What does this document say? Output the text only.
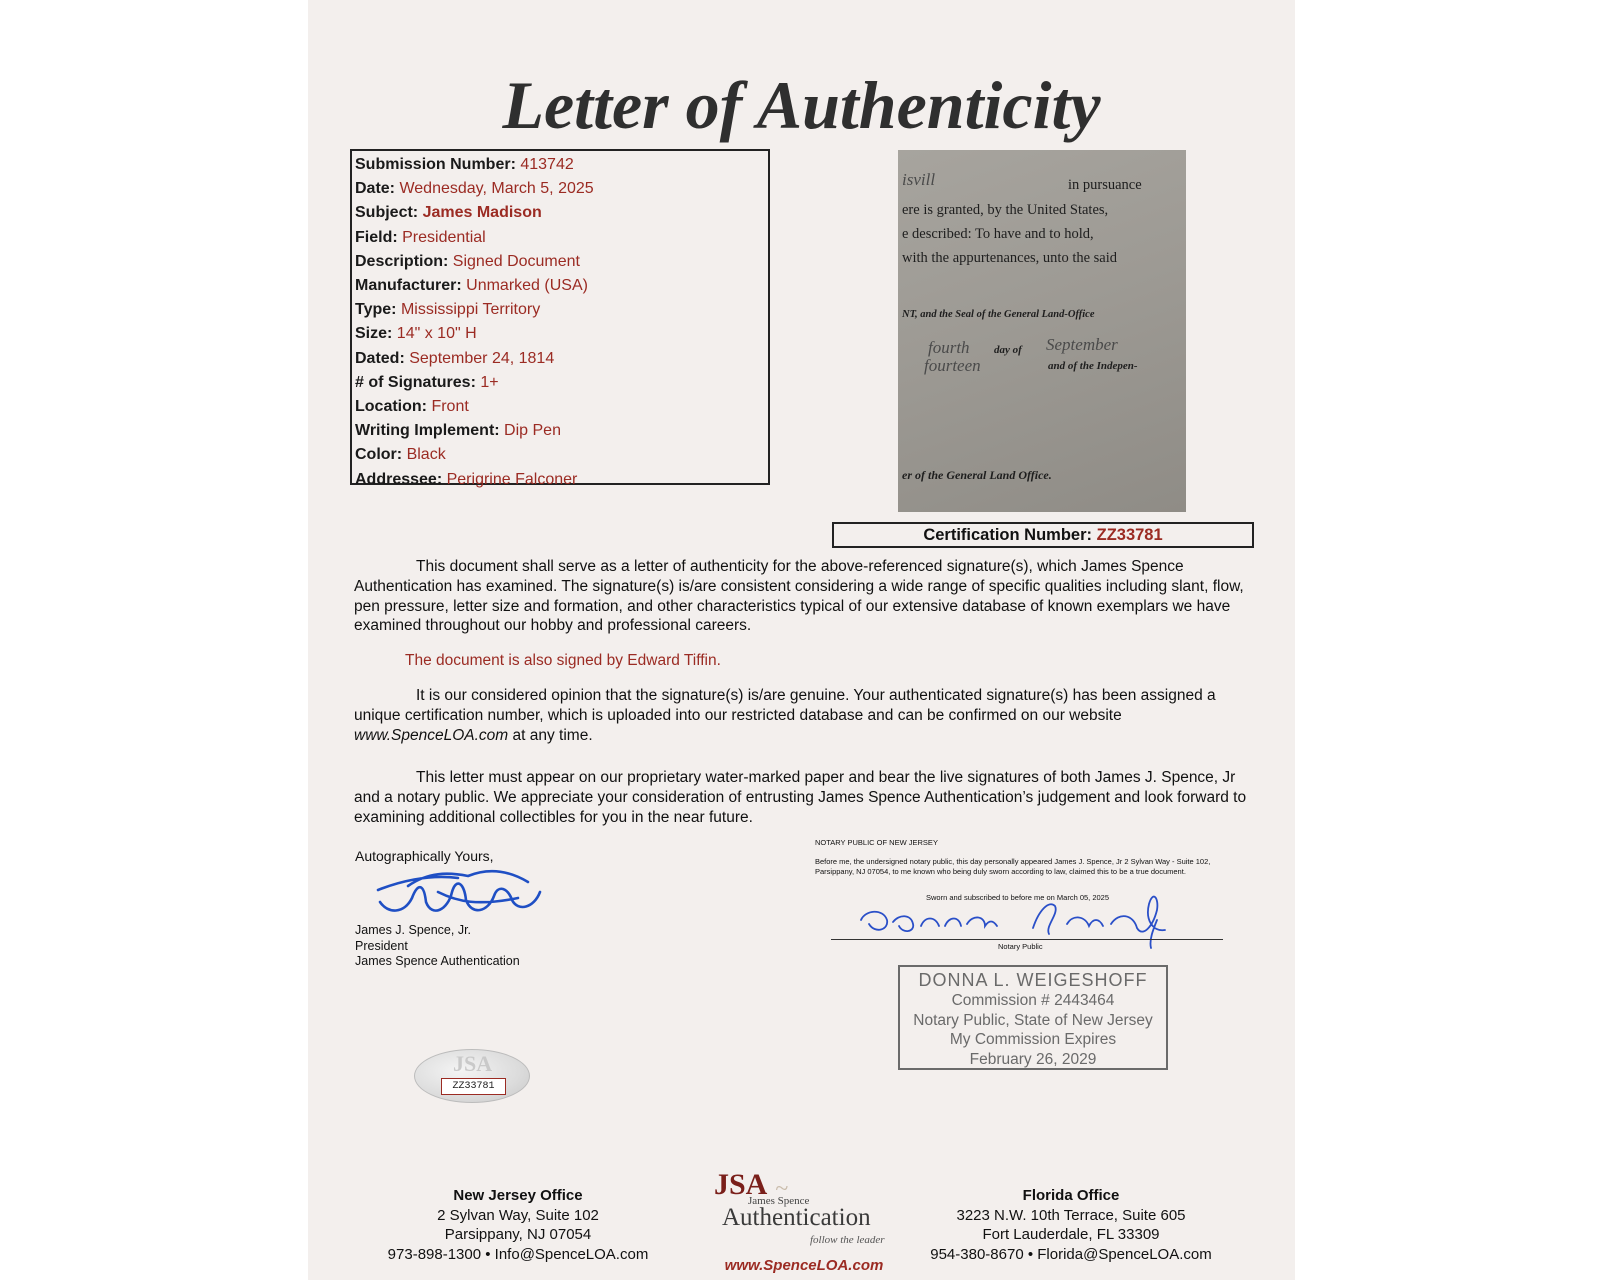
Letter of Authenticity
Submission Number: 413742
Date: Wednesday, March 5, 2025
Subject: James Madison
Field: Presidential
Description: Signed Document
Manufacturer: Unmarked (USA)
Type: Mississippi Territory
Size: 14" x 10" H
Dated: September 24, 1814
# of Signatures: 1+
Location: Front
Writing Implement: Dip Pen
Color: Black
Addressee: Perigrine Falconer
isvill	in pursuance
ere is granted, by the United States,
e described: To have and to hold,
with the appurtenances, unto the said
NT, and the Seal of the General Land-Office
fourth day of September
fourteen	and of the Indepen-
er of the General Land Office.
Certification Number: ZZ33781
This document shall serve as a letter of authenticity for the above-referenced signature(s), which James Spence Authentication has examined. The signature(s) is/are consistent considering a wide range of specific qualities including slant, flow, pen pressure, letter size and formation, and other characteristics typical of our extensive database of known exemplars we have examined throughout our hobby and professional careers.
The document is also signed by Edward Tiffin.
It is our considered opinion that the signature(s) is/are genuine. Your authenticated signature(s) has been assigned a unique certification number, which is uploaded into our restricted database and can be confirmed on our website www.SpenceLOA.com at any time.
This letter must appear on our proprietary water-marked paper and bear the live signatures of both James J. Spence, Jr and a notary public. We appreciate your consideration of entrusting James Spence Authentication’s judgement and look forward to examining additional collectibles for you in the near future.
Autographically Yours,
James J. Spence, Jr.
President
James Spence Authentication
NOTARY PUBLIC OF NEW JERSEY
Before me, the undersigned notary public, this day personally appeared James J. Spence, Jr 2 Sylvan Way - Suite 102, Parsippany, NJ 07054, to me known who being duly sworn according to law, claimed this to be a true document.
Sworn and subscribed to before me on March 05, 2025
Notary Public
DONNA L. WEIGESHOFF
Commission # 2443464
Notary Public, State of New Jersey
My Commission Expires
February 26, 2029
JSA
ZZ33781
New Jersey Office
2 Sylvan Way, Suite 102
Parsippany, NJ 07054
973-898-1300 • Info@SpenceLOA.com
~
JSA
James Spence
Authentication
follow the leader
www.SpenceLOA.com
Florida Office
3223 N.W. 10th Terrace, Suite 605
Fort Lauderdale, FL 33309
954-380-8670 • Florida@SpenceLOA.com
